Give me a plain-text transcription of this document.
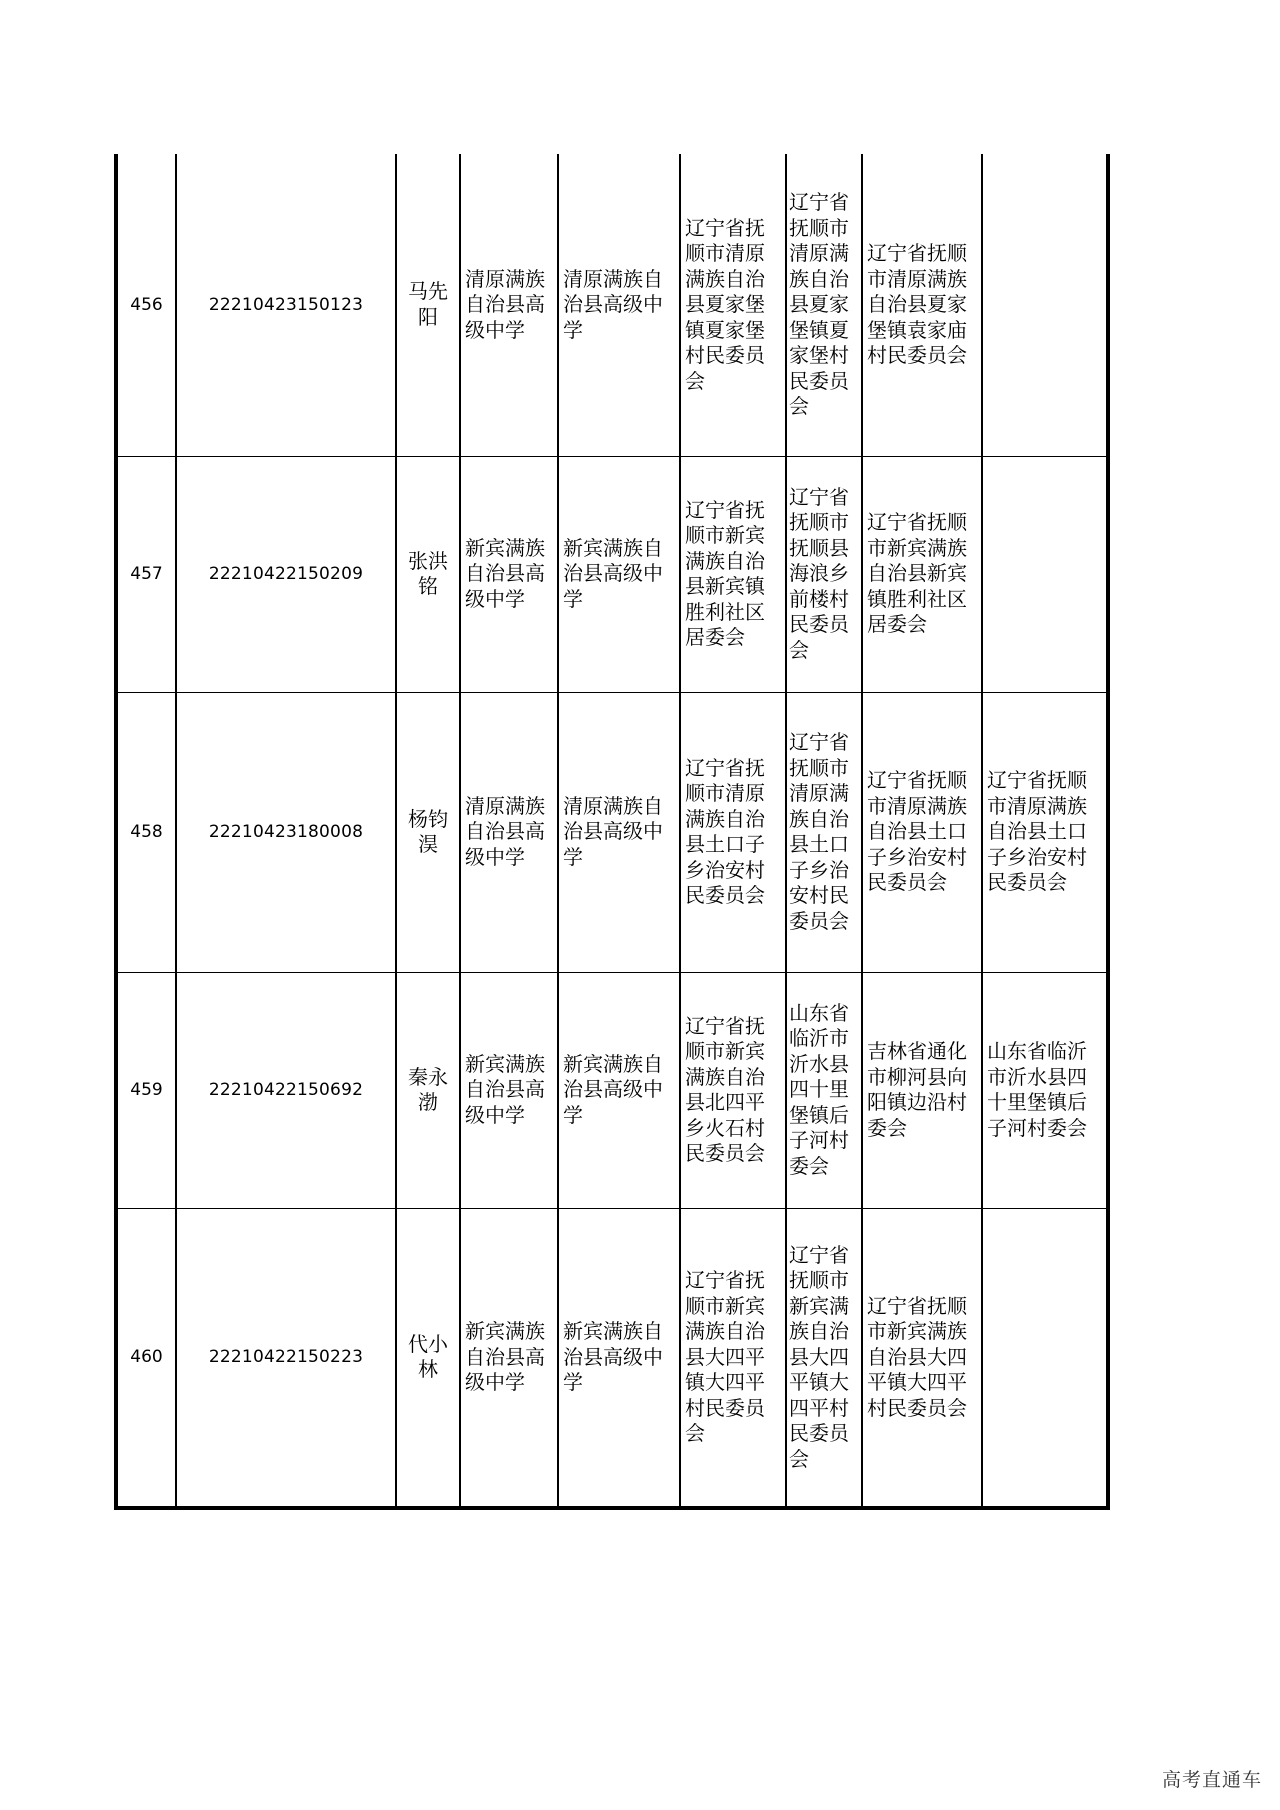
456	22210423150123	马先阳	清原满族自治县高级中学	清原满族自治县高级中学	辽宁省抚顺市清原满族自治县夏家堡镇夏家堡村民委员会	辽宁省抚顺市清原满族自治县夏家堡镇夏家堡村民委员会	辽宁省抚顺市清原满族自治县夏家堡镇袁家庙村民委员会	
457	22210422150209	张洪铭	新宾满族自治县高级中学	新宾满族自治县高级中学	辽宁省抚顺市新宾满族自治县新宾镇胜利社区居委会	辽宁省抚顺市抚顺县海浪乡前楼村民委员会	辽宁省抚顺市新宾满族自治县新宾镇胜利社区居委会	
458	22210423180008	杨钧淏	清原满族自治县高级中学	清原满族自治县高级中学	辽宁省抚顺市清原满族自治县土口子乡治安村民委员会	辽宁省抚顺市清原满族自治县土口子乡治安村民委员会	辽宁省抚顺市清原满族自治县土口子乡治安村民委员会	辽宁省抚顺市清原满族自治县土口子乡治安村民委员会
459	22210422150692	秦永渤	新宾满族自治县高级中学	新宾满族自治县高级中学	辽宁省抚顺市新宾满族自治县北四平乡火石村民委员会	山东省临沂市沂水县四十里堡镇后子河村委会	吉林省通化市柳河县向阳镇边沿村委会	山东省临沂市沂水县四十里堡镇后子河村委会
460	22210422150223	代小林	新宾满族自治县高级中学	新宾满族自治县高级中学	辽宁省抚顺市新宾满族自治县大四平镇大四平村民委员会	辽宁省抚顺市新宾满族自治县大四平镇大四平村民委员会	辽宁省抚顺市新宾满族自治县大四平镇大四平村民委员会	
高考直通车
